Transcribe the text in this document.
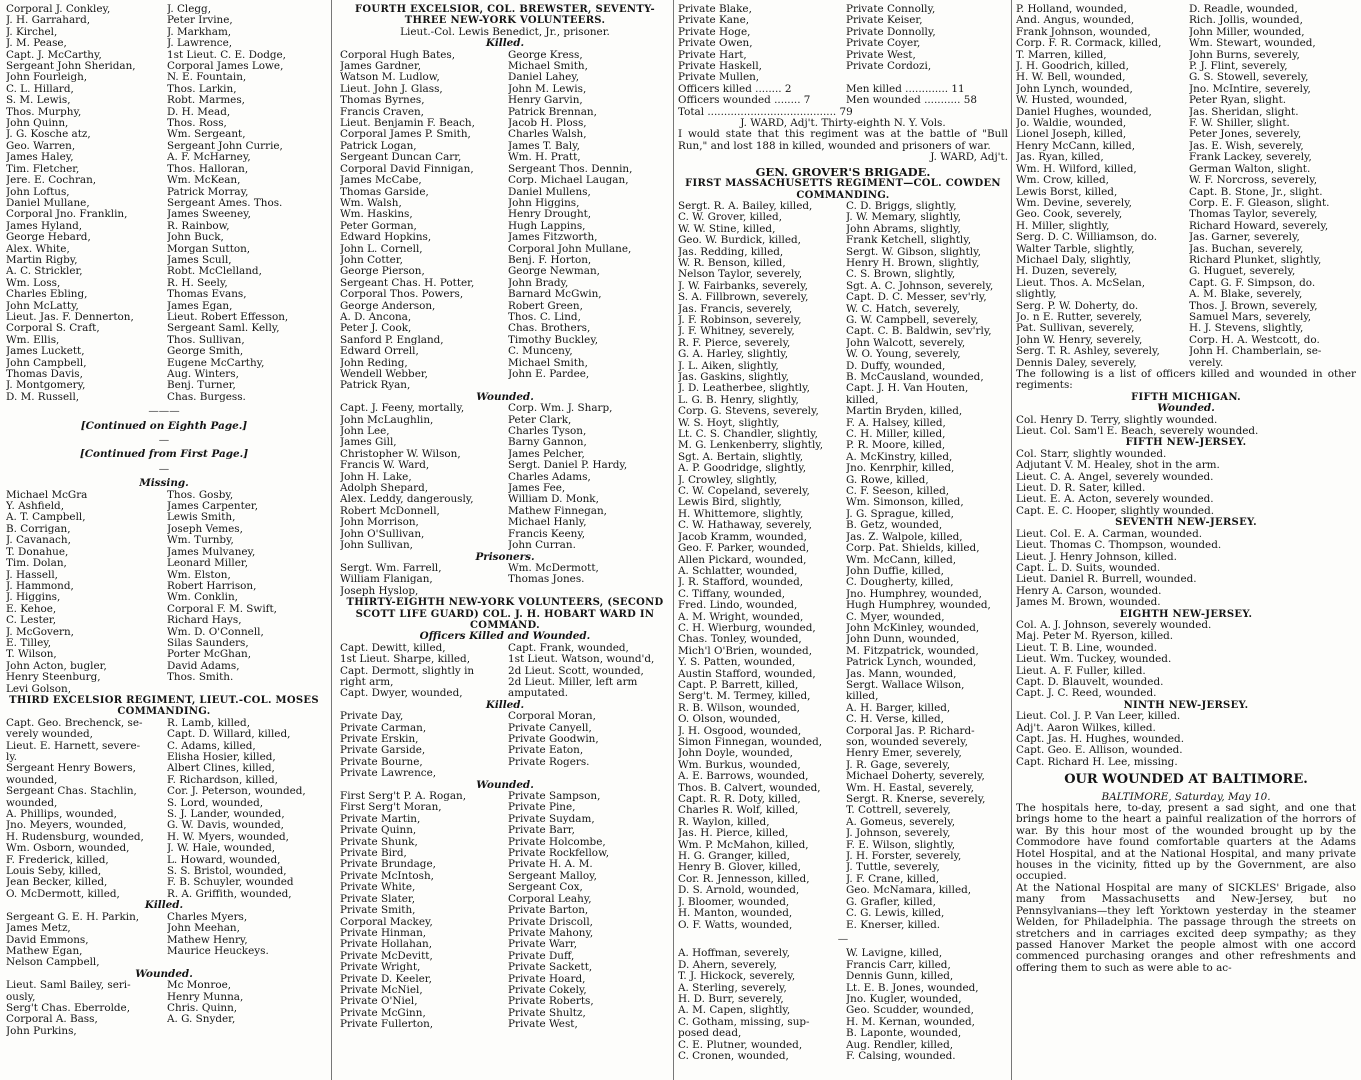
Corporal J. Conkley,	J. Clegg,
J. H. Garrahard,	Peter Irvine,
J. Kirchel,	J. Markham,
J. M. Pease,	J. Lawrence,
Capt. J. McCarthy,	1st Lieut. C. E. Dodge,
Sergeant John Sheridan,	Corporal James Lowe,
John Fourleigh,	N. E. Fountain,
C. L. Hillard,	Thos. Larkin,
S. M. Lewis,	Robt. Marmes,
Thos. Murphy,	D. H. Mead,
John Quinn,	Thos. Ross,
J. G. Kosche atz,	Wm. Sergeant,
Geo. Warren,	Sergeant John Currie,
James Haley,	A. F. McHarney,
Tim. Fletcher,	Thos. Halloran,
Jere. E. Cochran,	Wm. McKean,
John Loftus,	Patrick Morray,
Daniel Mullane,	Sergeant Ames. Thos.
Corporal Jno. Franklin,	James Sweeney,
James Hyland,	R. Rainbow,
George Hebard,	John Buck,
Alex. White,	Morgan Sutton,
Martin Rigby,	James Scull,
A. C. Strickler,	Robt. McClelland,
Wm. Loss,	R. H. Seely,
Charles Ebling,	Thomas Evans,
John McLatty,	James Egan,
Lieut. Jas. F. Dennerton,	Lieut. Robert Effesson,
Corporal S. Craft,	Sergeant Saml. Kelly,
Wm. Ellis,	Thos. Sullivan,
James Luckett,	George Smith,
John Campbell,	Eugene McCarthy,
Thomas Davis,	Aug. Winters,
J. Montgomery,	Benj. Turner,
D. M. Russell,	Chas. Burgess.
———
[Continued on Eighth Page.]
—
[Continued from First Page.]
—
Missing.
Michael McGra	Thos. Gosby,
Y. Ashfield,	James Carpenter,
A. T. Campbell,	Lewis Smith,
B. Corrigan,	Joseph Vemes,
J. Cavanach,	Wm. Turnby,
T. Donahue,	James Mulvaney,
Tim. Dolan,	Leonard Miller,
J. Hassell,	Wm. Elston,
J. Hammond,	Robert Harrison,
J. Higgins,	Wm. Conklin,
E. Kehoe,	Corporal F. M. Swift,
C. Lester,	Richard Hays,
J. McGovern,	Wm. D. O'Connell,
E. Tilley,	Silas Saunders,
T. Wilson,	Porter McGhan,
John Acton, bugler,	David Adams,
Henry Steenburg,	Thos. Smith.
Levi Golson,
THIRD EXCELSIOR REGIMENT, LIEUT.-COL. MOSES COMMANDING.
Capt. Geo. Brechenck, se-	R. Lamb, killed,
verely wounded,	Capt. D. Willard, killed,
Lieut. E. Harnett, severe-	C. Adams, killed,
ly.	Elisha Hosier, killed,
Sergeant Henry Bowers,	Albert Clines, killed,
wounded,	F. Richardson, killed,
Sergeant Chas. Stachlin,	Cor. J. Peterson, wounded,
wounded,	S. Lord, wounded,
A. Phillips, wounded,	S. J. Lander, wounded,
Jno. Meyers, wounded,	G. W. Davis, wounded,
H. Rudensburg, wounded,	H. W. Myers, wounded,
Wm. Osborn, wounded,	J. W. Hale, wounded,
F. Frederick, killed,	L. Howard, wounded,
Louis Seby, killed,	S. S. Bristol, wounded,
Jean Becker, killed,	F. B. Schuyler, wounded
O. McDermott, killed,	R. A. Griffith, wounded,
Killed.
Sergeant G. E. H. Parkin,	Charles Myers,
James Metz,	John Meehan,
David Emmons,	Mathew Henry,
Mathew Egan,	Maurice Heuckeys.
Nelson Campbell,
Wounded.
Lieut. Saml Bailey, seri-	Mc Monroe,
ously,	Henry Munna,
Serg't Chas. Eberrolde,	Chris. Quinn,
Corporal A. Bass,	A. G. Snyder,
John Purkins,
FOURTH EXCELSIOR, COL. BREWSTER, SEVENTY-THREE NEW-YORK VOLUNTEERS.
Lieut.-Col. Lewis Benedict, Jr., prisoner.
Killed.
Corporal Hugh Bates,	George Kress,
James Gardner,	Michael Smith,
Watson M. Ludlow,	Daniel Lahey,
Lieut. John J. Glass,	John M. Lewis,
Thomas Byrnes,	Henry Garvin,
Francis Craven,	Patrick Brennan,
Lieut. Benjamin F. Beach,	Jacob H. Ploss,
Corporal James P. Smith,	Charles Walsh,
Patrick Logan,	James T. Baly,
Sergeant Duncan Carr,	Wm. H. Pratt,
Corporal David Finnigan,	Sergeant Thos. Dennin,
James McCabe,	Corp. Michael Laugan,
Thomas Garside,	Daniel Mullens,
Wm. Walsh,	John Higgins,
Wm. Haskins,	Henry Drought,
Peter Gorman,	Hugh Lappins,
Edward Hopkins,	James Fitzworth,
John L. Cornell,	Corporal John Mullane,
John Cotter,	Benj. F. Horton,
George Pierson,	George Newman,
Sergeant Chas. H. Potter,	John Brady,
Corporal Thos. Powers,	Barnard McGwin,
George Anderson,	Robert Green,
A. D. Ancona,	Thos. C. Lind,
Peter J. Cook,	Chas. Brothers,
Sanford P. England,	Timothy Buckley,
Edward Orrell,	C. Munceny,
John Reding,	Michael Smith,
Wendell Webber,	John E. Pardee,
Patrick Ryan,
Wounded.
Capt. J. Feeny, mortally,	Corp. Wm. J. Sharp,
John McLaughlin,	Peter Clark,
John Lee,	Charles Tyson,
James Gill,	Barny Gannon,
Christopher W. Wilson,	James Pelcher,
Francis W. Ward,	Sergt. Daniel P. Hardy,
John H. Lake,	Charles Adams,
Adolph Shepard,	James Fee,
Alex. Leddy, dangerously,	William D. Monk,
Robert McDonnell,	Mathew Finnegan,
John Morrison,	Michael Hanly,
John O'Sullivan,	Francis Keeny,
John Sullivan,	John Curran.
Prisoners.
Sergt. Wm. Farrell,	Wm. McDermott,
William Flanigan,	Thomas Jones.
Joseph Hyslop,
THIRTY-EIGHTH NEW-YORK VOLUNTEERS, (SECOND SCOTT LIFE GUARD) COL. J. H. HOBART WARD IN COMMAND.
Officers Killed and Wounded.
Capt. Dewitt, killed,	Capt. Frank, wounded,
1st Lieut. Sharpe, killed,	1st Lieut. Watson, wound'd,
Capt. Dermott, slightly in	2d Lieut. Scott, wounded,
right arm,	2d Lieut. Miller, left arm
Capt. Dwyer, wounded,	amputated.
Killed.
Private Day,	Corporal Moran,
Private Carman,	Private Canyell,
Private Erskin,	Private Goodwin,
Private Garside,	Private Eaton,
Private Bourne,	Private Rogers.
Private Lawrence,
Wounded.
First Serg't P. A. Rogan,	Private Sampson,
First Serg't Moran,	Private Pine,
Private Martin,	Private Suydam,
Private Quinn,	Private Barr,
Private Shunk,	Private Holcombe,
Private Bird,	Private Rockfellow,
Private Brundage,	Private H. A. M.
Private McIntosh,	Sergeant Malloy,
Private White,	Sergeant Cox,
Private Slater,	Corporal Leahy,
Private Smith,	Private Barton,
Corporal Mackey,	Private Driscoll,
Private Hinman,	Private Mahony,
Private Hollahan,	Private Warr,
Private McDevitt,	Private Duff,
Private Wright,	Private Sackett,
Private D. Keeler,	Private Hoard,
Private McNiel,	Private Cokely,
Private O'Niel,	Private Roberts,
Private McGinn,	Private Shultz,
Private Fullerton,	Private West,
Private Blake,	Private Connolly,
Private Kane,	Private Keiser,
Private Hoge,	Private Donnolly,
Private Owen,	Private Coyer,
Private Hart,	Private West,
Private Haskell,	Private Cordozi,
Private Mullen,
Officers killed ........ 2	Men killed ............. 11
Officers wounded ........ 7	Men wounded ........... 58
Total ....................................... 79
J. WARD, Adj't. Thirty-eighth N. Y. Vols.
I would state that this regiment was at the battle of "Bull Run," and lost 188 in killed, wounded and prisoners of war.
J. WARD, Adj't.
GEN. GROVER'S BRIGADE.
FIRST MASSACHUSETTS REGIMENT—COL. COWDEN COMMANDING.
Sergt. R. A. Bailey, killed,	C. D. Briggs, slightly,
C. W. Grover, killed,	J. W. Memary, slightly,
W. W. Stine, killed,	John Abrams, slightly,
Geo. W. Burdick, killed,	Frank Ketchell, slightly,
Jas. Redding, killed,	Sergt. W. Gibson, slightly,
W. R. Benson, killed,	Henry H. Brown, slightly,
Nelson Taylor, severely,	C. S. Brown, slightly,
J. W. Fairbanks, severely,	Sgt. A. C. Johnson, severely,
S. A. Fillbrown, severely,	Capt. D. C. Messer, sev'rly,
Jas. Francis, severely,	W. C. Hatch, severely,
J. F. Robinson, severely,	G. W. Campbell, severely,
J. F. Whitney, severely,	Capt. C. B. Baldwin, sev'rly,
R. F. Pierce, severely,	John Walcott, severely,
G. A. Harley, slightly,	W. O. Young, severely,
J. L. Aiken, slightly,	D. Duffy, wounded,
Jas. Gaskins, slightly,	B. McCausland, wounded,
J. D. Leatherbee, slightly,	Capt. J. H. Van Houten,
L. G. B. Henry, slightly,	killed,
Corp. G. Stevens, severely,	Martin Bryden, killed,
W. S. Hoyt, slightly,	F. A. Halsey, killed,
Lt. C. S. Chandler, slightly,	C. H. Miller, killed,
M. G. Lenkenberry, slightly,	P. R. Moore, killed,
Sgt. A. Bertain, slightly,	A. McKinstry, killed,
A. P. Goodridge, slightly,	Jno. Kenrphir, killed,
J. Crowley, slightly,	G. Rowe, killed,
C. W. Copeland, severely,	C. F. Seeson, killed,
Lewis Bird, slightly,	Wm. Simonson, killed,
H. Whittemore, slightly,	J. G. Sprague, killed,
C. W. Hathaway, severely,	B. Getz, wounded,
Jacob Kramm, wounded,	Jas. Z. Walpole, killed,
Geo. F. Parker, wounded,	Corp. Pat. Shields, killed,
Allen Pickard, wounded,	Wm. McCann, killed,
A. Schlatter, wounded,	John Duffie, killed,
J. R. Stafford, wounded,	C. Dougherty, killed,
C. Tiffany, wounded,	Jno. Humphrey, wounded,
Fred. Lindo, wounded,	Hugh Humphrey, wounded,
A. M. Wright, wounded,	C. Myer, wounded,
C. H. Wierburg, wounded,	John McKinley, wounded,
Chas. Tonley, wounded,	John Dunn, wounded,
Mich'l O'Brien, wounded,	M. Fitzpatrick, wounded,
Y. S. Patten, wounded,	Patrick Lynch, wounded,
Austin Stafford, wounded,	Jas. Mann, wounded,
Capt. P. Barrett, killed,	Sergt. Wallace Wilson,
Serg't. M. Termey, killed,	killed,
R. B. Wilson, wounded,	A. H. Barger, killed,
O. Olson, wounded,	C. H. Verse, killed,
J. H. Osgood, wounded,	Corporal Jas. P. Richard-
Simon Finnegan, wounded,	son, wounded severely,
John Doyle, wounded,	Henry Emer, severely,
Wm. Burkus, wounded,	J. R. Gage, severely,
A. E. Barrows, wounded,	Michael Doherty, severely,
Thos. B. Calvert, wounded,	Wm. H. Eastal, severely,
Capt. R. R. Doty, killed,	Sergt. R. Knerse, severely,
Charles R. Wolf, killed,	T. Cottrell, severely,
R. Waylon, killed,	A. Gomeus, severely,
Jas. H. Pierce, killed,	J. Johnson, severely,
Wm. P. McMahon, killed,	F. E. Wilson, slightly,
H. G. Granger, killed,	J. H. Forster, severely,
Henry B. Glover, killed,	J. Tuttle, severely,
Cor. R. Jennesson, killed,	J. F. Crane, killed,
D. S. Arnold, wounded,	Geo. McNamara, killed,
J. Bloomer, wounded,	G. Grafler, killed,
H. Manton, wounded,	C. G. Lewis, killed,
O. F. Watts, wounded,	E. Knerser, killed.
—
A. Hoffman, severely,	W. Lavigne, killed,
D. Ahern, severely,	Francis Carr, killed,
T. J. Hickock, severely,	Dennis Gunn, killed,
A. Sterling, severely,	Lt. E. B. Jones, wounded,
H. D. Burr, severely,	Jno. Kugler, wounded,
A. M. Capen, slightly,	Geo. Scudder, wounded,
C. Gotham, missing, sup-	H. M. Kernan, wounded,
posed dead,	B. Laponte, wounded,
C. E. Plutner, wounded,	Aug. Rendler, killed,
C. Cronen, wounded,	F. Calsing, wounded.
P. Holland, wounded,	D. Readle, wounded,
And. Angus, wounded,	Rich. Jollis, wounded,
Frank Johnson, wounded,	John Miller, wounded,
Corp. F. R. Cormack, killed,	Wm. Stewart, wounded,
T. Marren, killed,	John Burns, severely,
J. H. Goodrich, killed,	P. J. Flint, severely,
H. W. Bell, wounded,	G. S. Stowell, severely,
John Lynch, wounded,	Jno. McIntire, severely,
W. Husted, wounded,	Peter Ryan, slight.
Daniel Hughes, wounded,	Jas. Sheridan, slight.
Jo. Waldie, wounded,	F. W. Shiller, slight.
Lionel Joseph, killed,	Peter Jones, severely,
Henry McCann, killed,	Jas. E. Wish, severely,
Jas. Ryan, killed,	Frank Lackey, severely,
Wm. H. Wilford, killed,	German Walton, slight.
Wm. Crow, killed,	W. F. Norcross, severely,
Lewis Borst, killed,	Capt. B. Stone, Jr., slight.
Wm. Devine, severely,	Corp. E. F. Gleason, slight.
Geo. Cook, severely,	Thomas Taylor, severely,
H. Miller, slightly,	Richard Howard, severely,
Serg. D. C. Williamson, do.	Jas. Garner, severely,
Walter Tarble, slightly,	Jas. Buchan, severely,
Michael Daly, slightly,	Richard Plunket, slightly,
H. Duzen, severely,	G. Huguet, severely,
Lieut. Thos. A. McSelan,	Capt. G. F. Simpson, do.
slightly,	A. M. Blake, severely,
Serg. P. W. Doherty, do.	Thos. J. Brown, severely,
Jo. n E. Rutter, severely,	Samuel Mars, severely,
Pat. Sullivan, severely,	H. J. Stevens, slightly,
John W. Henry, severely,	Corp. H. A. Westcott, do.
Serg. T. R. Ashley, severely,	John H. Chamberlain, se-
Dennis Daley, severely,	verely.
The following is a list of officers killed and wounded in other regiments:
FIFTH MICHIGAN.
Wounded.
Col. Henry D. Terry, slightly wounded.
Lieut. Col. Sam'l E. Beach, severely wounded.
FIFTH NEW-JERSEY.
Col. Starr, slightly wounded.
Adjutant V. M. Healey, shot in the arm.
Lieut. C. A. Angel, severely wounded.
Lieut. D. R. Sater, killed.
Lieut. E. A. Acton, severely wounded.
Capt. E. C. Hooper, slightly wounded.
SEVENTH NEW-JERSEY.
Lieut. Col. E. A. Carman, wounded.
Lieut. Thomas C. Thompson, wounded.
Lieut. J. Henry Johnson, killed.
Capt. L. D. Suits, wounded.
Lieut. Daniel R. Burrell, wounded.
Henry A. Carson, wounded.
James M. Brown, wounded.
EIGHTH NEW-JERSEY.
Col. A. J. Johnson, severely wounded.
Maj. Peter M. Ryerson, killed.
Lieut. T. B. Line, wounded.
Lieut. Wm. Tuckey, wounded.
Lieut. A. F. Fuller, killed.
Capt. D. Blauvelt, wounded.
Capt. J. C. Reed, wounded.
NINTH NEW-JERSEY.
Lieut. Col. J. P. Van Leer, killed.
Adj't. Aaron Wilkes, killed.
Capt. Jas. H. Hughes, wounded.
Capt. Geo. E. Allison, wounded.
Capt. Richard H. Lee, missing.
OUR WOUNDED AT BALTIMORE.
BALTIMORE, Saturday, May 10.
The hospitals here, to-day, present a sad sight, and one that brings home to the heart a painful realization of the horrors of war. By this hour most of the wounded brought up by the Commodore have found comfortable quarters at the Adams Hotel Hospital, and at the National Hospital, and many private houses in the vicinity, fitted up by the Government, are also occupied.
At the National Hospital are many of SICKLES' Brigade, also many from Massachusetts and New-Jersey, but no Pennsylvanians—they left Yorktown yesterday in the steamer Welden, for Philadelphia. The passage through the streets on stretchers and in carriages excited deep sympathy; as they passed Hanover Market the people almost with one accord commenced purchasing oranges and other refreshments and offering them to such as were able to ac-
